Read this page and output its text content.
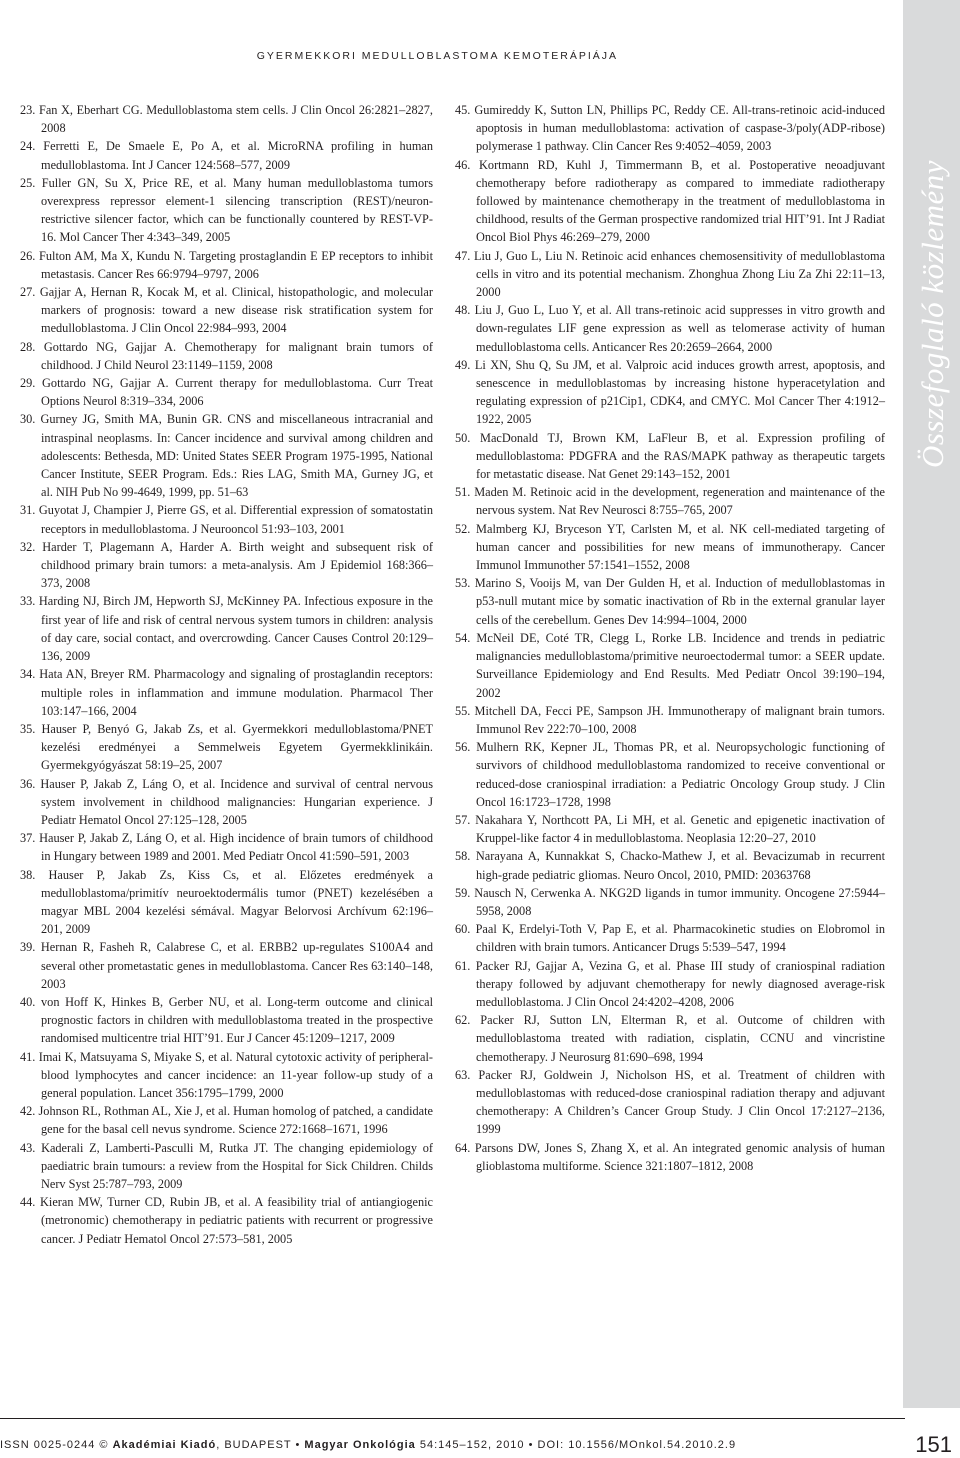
GYERMEKKORI MEDULLOBLASTOMA KEMOTERÁPIÁJA

23. Fan X, Eberhart CG. Medulloblastoma stem cells. J Clin Oncol 26:2821–2827, 2008

24. Ferretti E, De Smaele E, Po A, et al. MicroRNA profiling in human medulloblastoma. Int J Cancer 124:568–577, 2009

25. Fuller GN, Su X, Price RE, et al. Many human medulloblastoma tumors overexpress repressor element-1 silencing transcription (REST)/neuron-restrictive silencer factor, which can be functionally countered by REST-VP-16. Mol Cancer Ther 4:343–349, 2005

26. Fulton AM, Ma X, Kundu N. Targeting prostaglandin E EP receptors to inhibit metastasis. Cancer Res 66:9794–9797, 2006

27. Gajjar A, Hernan R, Kocak M, et al. Clinical, histopathologic, and molecular markers of prognosis: toward a new disease risk stratification system for medulloblastoma. J Clin Oncol 22:984–993, 2004

28. Gottardo NG, Gajjar A. Chemotherapy for malignant brain tumors of childhood. J Child Neurol 23:1149–1159, 2008

29. Gottardo NG, Gajjar A. Current therapy for medulloblastoma. Curr Treat Options Neurol 8:319–334, 2006

30. Gurney JG, Smith MA, Bunin GR. CNS and miscellaneous intracranial and intraspinal neoplasms. In: Cancer incidence and survival among children and adolescents: Bethesda, MD: United States SEER Program 1975-1995, National Cancer Institute, SEER Program. Eds.: Ries LAG, Smith MA, Gurney JG, et al. NIH Pub No 99-4649, 1999, pp. 51–63

31. Guyotat J, Champier J, Pierre GS, et al. Differential expression of somatostatin receptors in medulloblastoma. J Neurooncol 51:93–103, 2001

32. Harder T, Plagemann A, Harder A. Birth weight and subsequent risk of childhood primary brain tumors: a meta-analysis. Am J Epidemiol 168:366–373, 2008

33. Harding NJ, Birch JM, Hepworth SJ, McKinney PA. Infectious exposure in the first year of life and risk of central nervous system tumors in children: analysis of day care, social contact, and overcrowding. Cancer Causes Control 20:129–136, 2009

34. Hata AN, Breyer RM. Pharmacology and signaling of prostaglandin receptors: multiple roles in inflammation and immune modulation. Pharmacol Ther 103:147–166, 2004

35. Hauser P, Benyó G, Jakab Zs, et al. Gyermekkori medulloblastoma/PNET kezelési eredményei a Semmelweis Egyetem Gyermekklinikáin. Gyermekgyógyászat 58:19–25, 2007

36. Hauser P, Jakab Z, Láng O, et al. Incidence and survival of central nervous system involvement in childhood malignancies: Hungarian experience. J Pediatr Hematol Oncol 27:125–128, 2005

37. Hauser P, Jakab Z, Láng O, et al. High incidence of brain tumors of childhood in Hungary between 1989 and 2001. Med Pediatr Oncol 41:590–591, 2003

38. Hauser P, Jakab Zs, Kiss Cs, et al. Előzetes eredmények a medulloblastoma/primitív neuroektodermális tumor (PNET) kezelésében a magyar MBL 2004 kezelési sémával. Magyar Belorvosi Archívum 62:196–201, 2009

39. Hernan R, Fasheh R, Calabrese C, et al. ERBB2 up-regulates S100A4 and several other prometastatic genes in medulloblastoma. Cancer Res 63:140–148, 2003

40. von Hoff K, Hinkes B, Gerber NU, et al. Long-term outcome and clinical prognostic factors in children with medulloblastoma treated in the prospective randomised multicentre trial HIT’91. Eur J Cancer 45:1209–1217, 2009

41. Imai K, Matsuyama S, Miyake S, et al. Natural cytotoxic activity of peripheral-blood lymphocytes and cancer incidence: an 11-year follow-up study of a general population. Lancet 356:1795–1799, 2000

42. Johnson RL, Rothman AL, Xie J, et al. Human homolog of patched, a candidate gene for the basal cell nevus syndrome. Science 272:1668–1671, 1996

43. Kaderali Z, Lamberti-Pasculli M, Rutka JT. The changing epidemiology of paediatric brain tumours: a review from the Hospital for Sick Children. Childs Nerv Syst 25:787–793, 2009

44. Kieran MW, Turner CD, Rubin JB, et al. A feasibility trial of antiangiogenic (metronomic) chemotherapy in pediatric patients with recurrent or progressive cancer. J Pediatr Hematol Oncol 27:573–581, 2005

45. Gumireddy K, Sutton LN, Phillips PC, Reddy CE. All-trans-retinoic acid-induced apoptosis in human medulloblastoma: activation of caspase-3/poly(ADP-ribose) polymerase 1 pathway. Clin Cancer Res 9:4052–4059, 2003

46. Kortmann RD, Kuhl J, Timmermann B, et al. Postoperative neoadjuvant chemotherapy before radiotherapy as compared to immediate radiotherapy followed by maintenance chemotherapy in the treatment of medulloblastoma in childhood, results of the German prospective randomized trial HIT’91. Int J Radiat Oncol Biol Phys 46:269–279, 2000

47. Liu J, Guo L, Liu N. Retinoic acid enhances chemosensitivity of medulloblastoma cells in vitro and its potential mechanism. Zhonghua Zhong Liu Za Zhi 22:11–13, 2000

48. Liu J, Guo L, Luo Y, et al. All trans-retinoic acid suppresses in vitro growth and down-regulates LIF gene expression as well as telomerase activity of human medulloblastoma cells. Anticancer Res 20:2659–2664, 2000

49. Li XN, Shu Q, Su JM, et al. Valproic acid induces growth arrest, apoptosis, and senescence in medulloblastomas by increasing histone hyperacetylation and regulating expression of p21Cip1, CDK4, and CMYC. Mol Cancer Ther 4:1912–1922, 2005

50. MacDonald TJ, Brown KM, LaFleur B, et al. Expression profiling of medulloblastoma: PDGFRA and the RAS/MAPK pathway as therapeutic targets for metastatic disease. Nat Genet 29:143–152, 2001

51. Maden M. Retinoic acid in the development, regeneration and maintenance of the nervous system. Nat Rev Neurosci 8:755–765, 2007

52. Malmberg KJ, Bryceson YT, Carlsten M, et al. NK cell-mediated targeting of human cancer and possibilities for new means of immunotherapy. Cancer Immunol Immunother 57:1541–1552, 2008

53. Marino S, Vooijs M, van Der Gulden H, et al. Induction of medulloblastomas in p53-null mutant mice by somatic inactivation of Rb in the external granular layer cells of the cerebellum. Genes Dev 14:994–1004, 2000

54. McNeil DE, Coté TR, Clegg L, Rorke LB. Incidence and trends in pediatric malignancies medulloblastoma/primitive neuroectodermal tumor: a SEER update. Surveillance Epidemiology and End Results. Med Pediatr Oncol 39:190–194, 2002

55. Mitchell DA, Fecci PE, Sampson JH. Immunotherapy of malignant brain tumors. Immunol Rev 222:70–100, 2008

56. Mulhern RK, Kepner JL, Thomas PR, et al. Neuropsychologic functioning of survivors of childhood medulloblastoma randomized to receive conventional or reduced-dose craniospinal irradiation: a Pediatric Oncology Group study. J Clin Oncol 16:1723–1728, 1998

57. Nakahara Y, Northcott PA, Li MH, et al. Genetic and epigenetic inactivation of Kruppel-like factor 4 in medulloblastoma. Neoplasia 12:20–27, 2010

58. Narayana A, Kunnakkat S, Chacko-Mathew J, et al. Bevacizumab in recurrent high-grade pediatric gliomas. Neuro Oncol, 2010, PMID: 20363768

59. Nausch N, Cerwenka A. NKG2D ligands in tumor immunity. Oncogene 27:5944–5958, 2008

60. Paal K, Erdelyi-Toth V, Pap E, et al. Pharmacokinetic studies on Elobromol in children with brain tumors. Anticancer Drugs 5:539–547, 1994

61. Packer RJ, Gajjar A, Vezina G, et al. Phase III study of craniospinal radiation therapy followed by adjuvant chemotherapy for newly diagnosed average-risk medulloblastoma. J Clin Oncol 24:4202–4208, 2006

62. Packer RJ, Sutton LN, Elterman R, et al. Outcome of children with medulloblastoma treated with radiation, cisplatin, CCNU and vincristine chemotherapy. J Neurosurg 81:690–698, 1994

63. Packer RJ, Goldwein J, Nicholson HS, et al. Treatment of children with medulloblastomas with reduced-dose craniospinal radiation therapy and adjuvant chemotherapy: A Children’s Cancer Group Study. J Clin Oncol 17:2127–2136, 1999

64. Parsons DW, Jones S, Zhang X, et al. An integrated genomic analysis of human glioblastoma multiforme. Science 321:1807–1812, 2008

Összefoglaló közlemény
ISSN 0025-0244 © Akadémiai Kiadó, BUDAPEST • Magyar Onkológia 54:145–152, 2010 • DOI: 10.1556/MOnkol.54.2010.2.9	151
